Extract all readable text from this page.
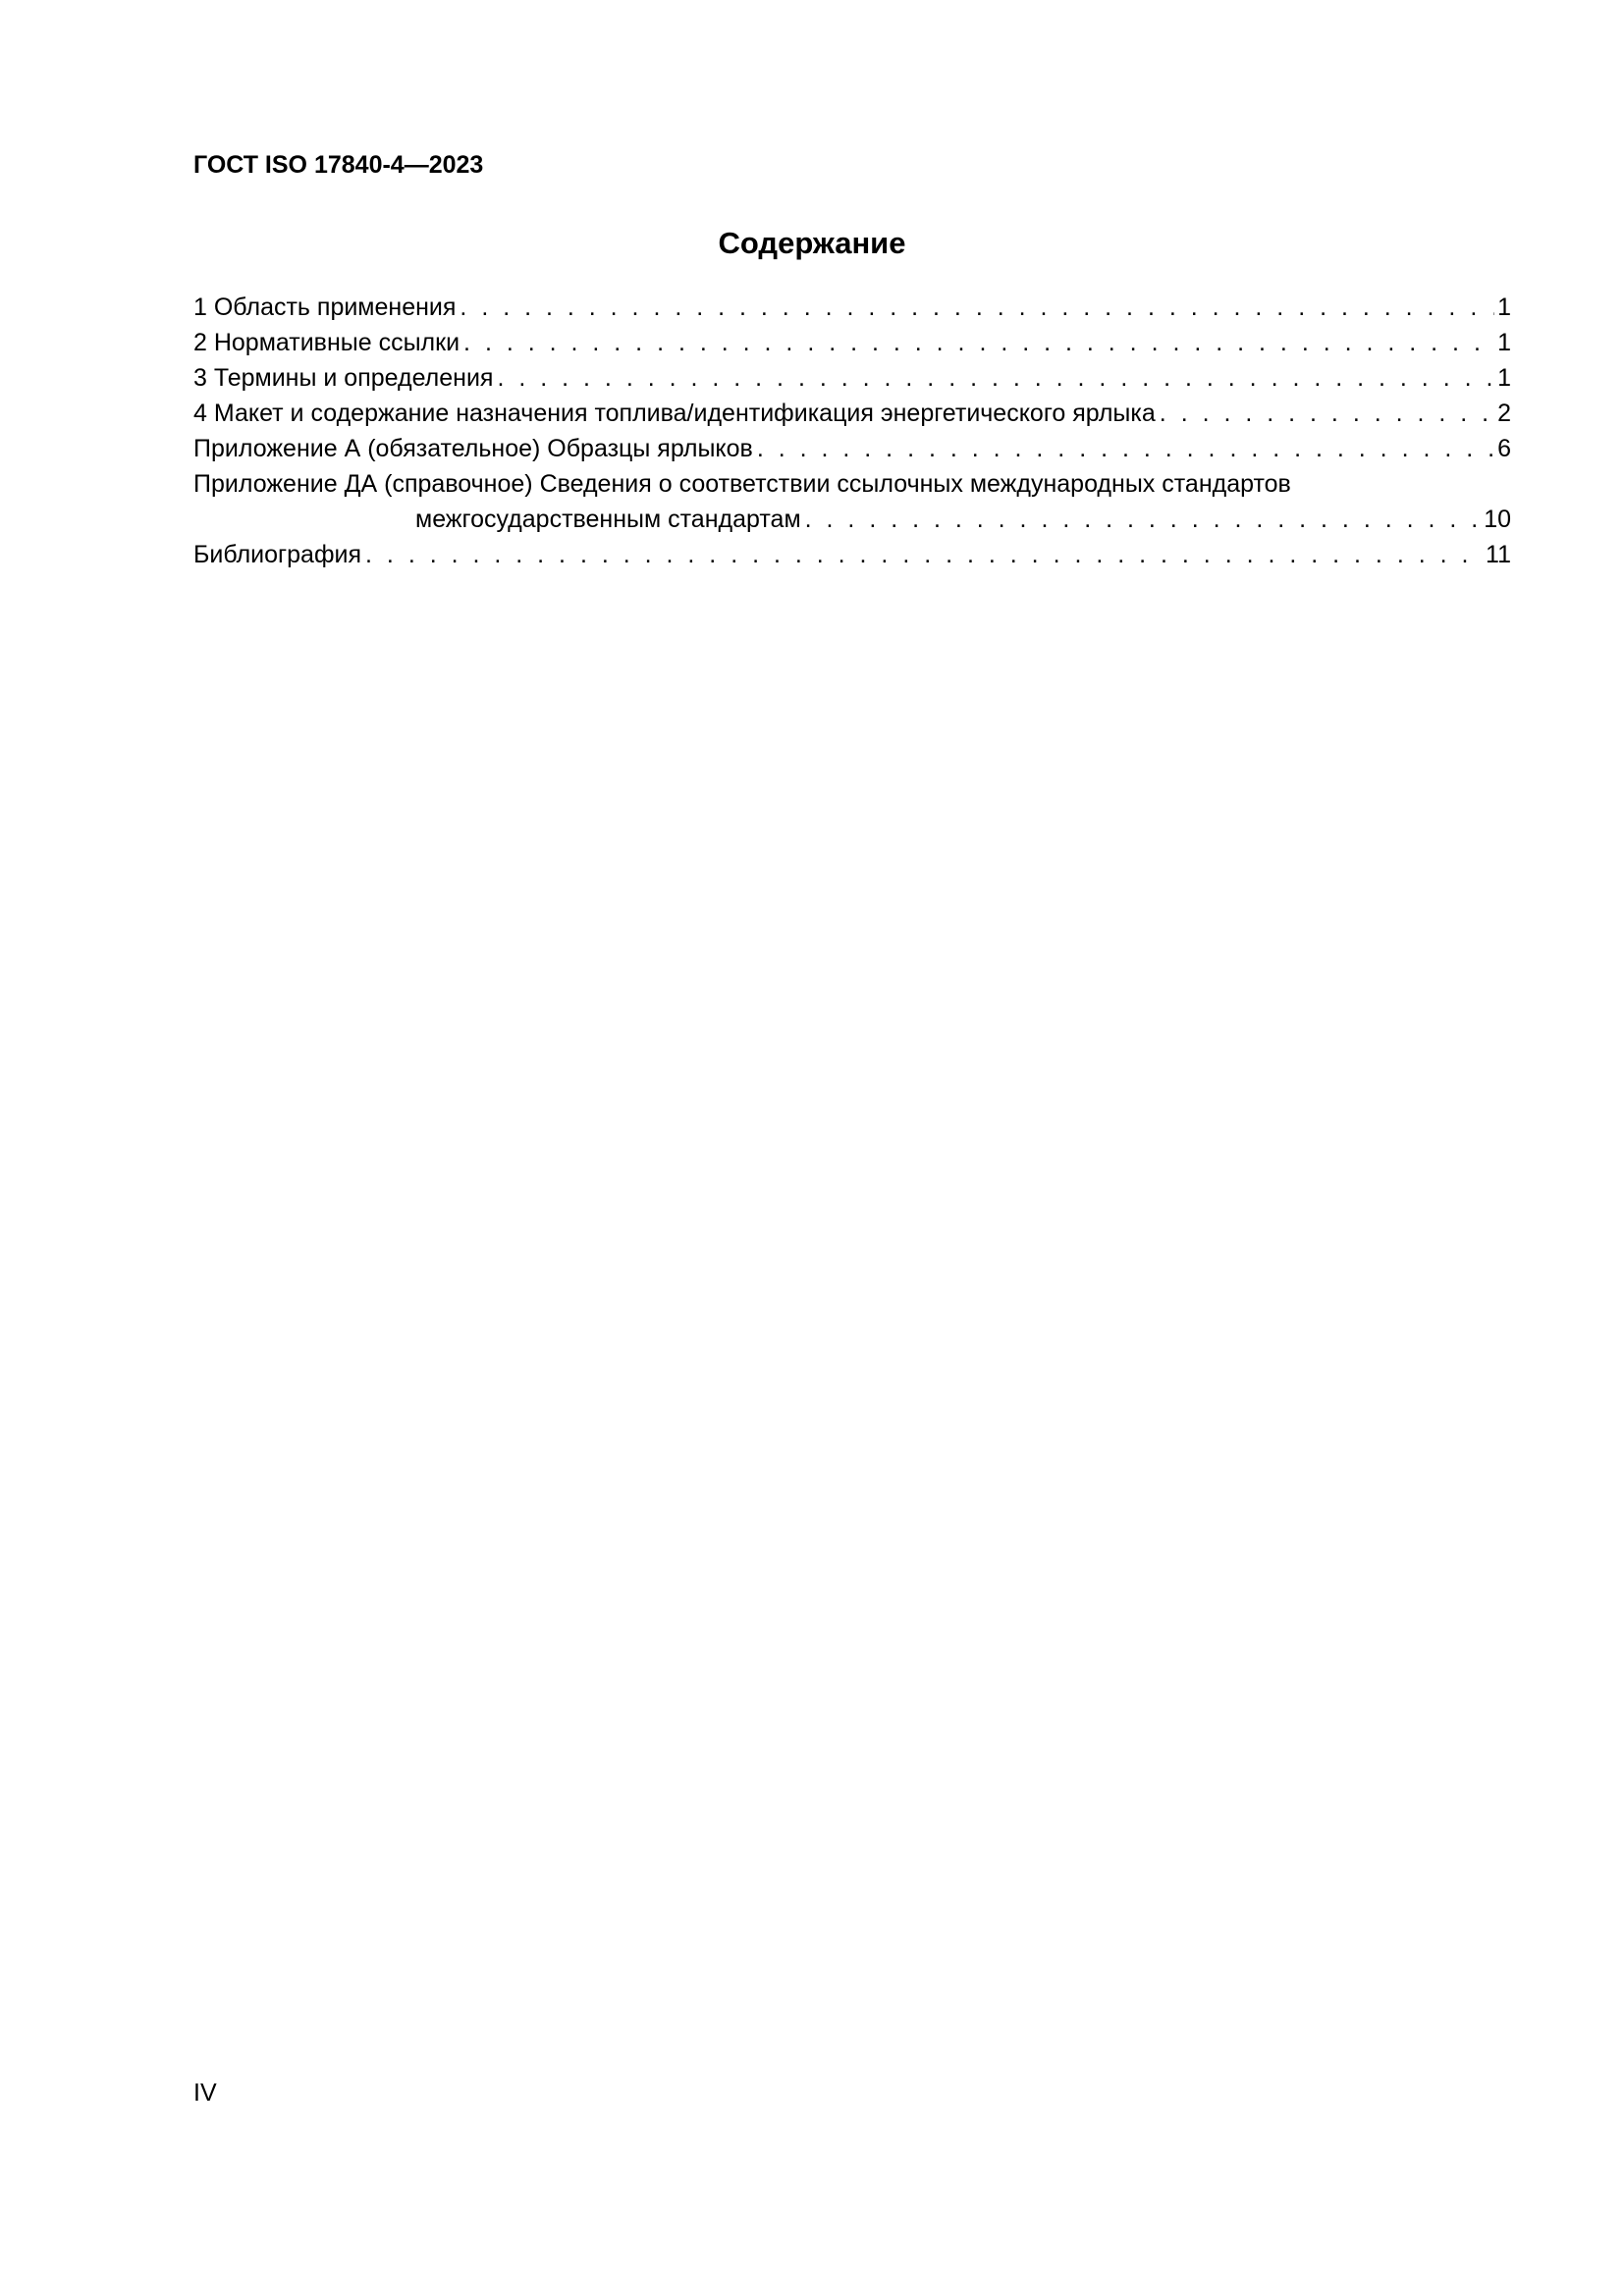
ГОСТ ISO 17840-4—2023
Содержание
1 Область применения . . .	1
2 Нормативные ссылки . . .	1
3 Термины и определения . . .	1
4 Макет и содержание назначения топлива/идентификация энергетического ярлыка . . .	2
Приложение А (обязательное) Образцы ярлыков . . .	6
Приложение ДА (справочное) Сведения о соответствии ссылочных международных стандартов
межгосударственным стандартам . . .	10
Библиография . . .	11
IV
